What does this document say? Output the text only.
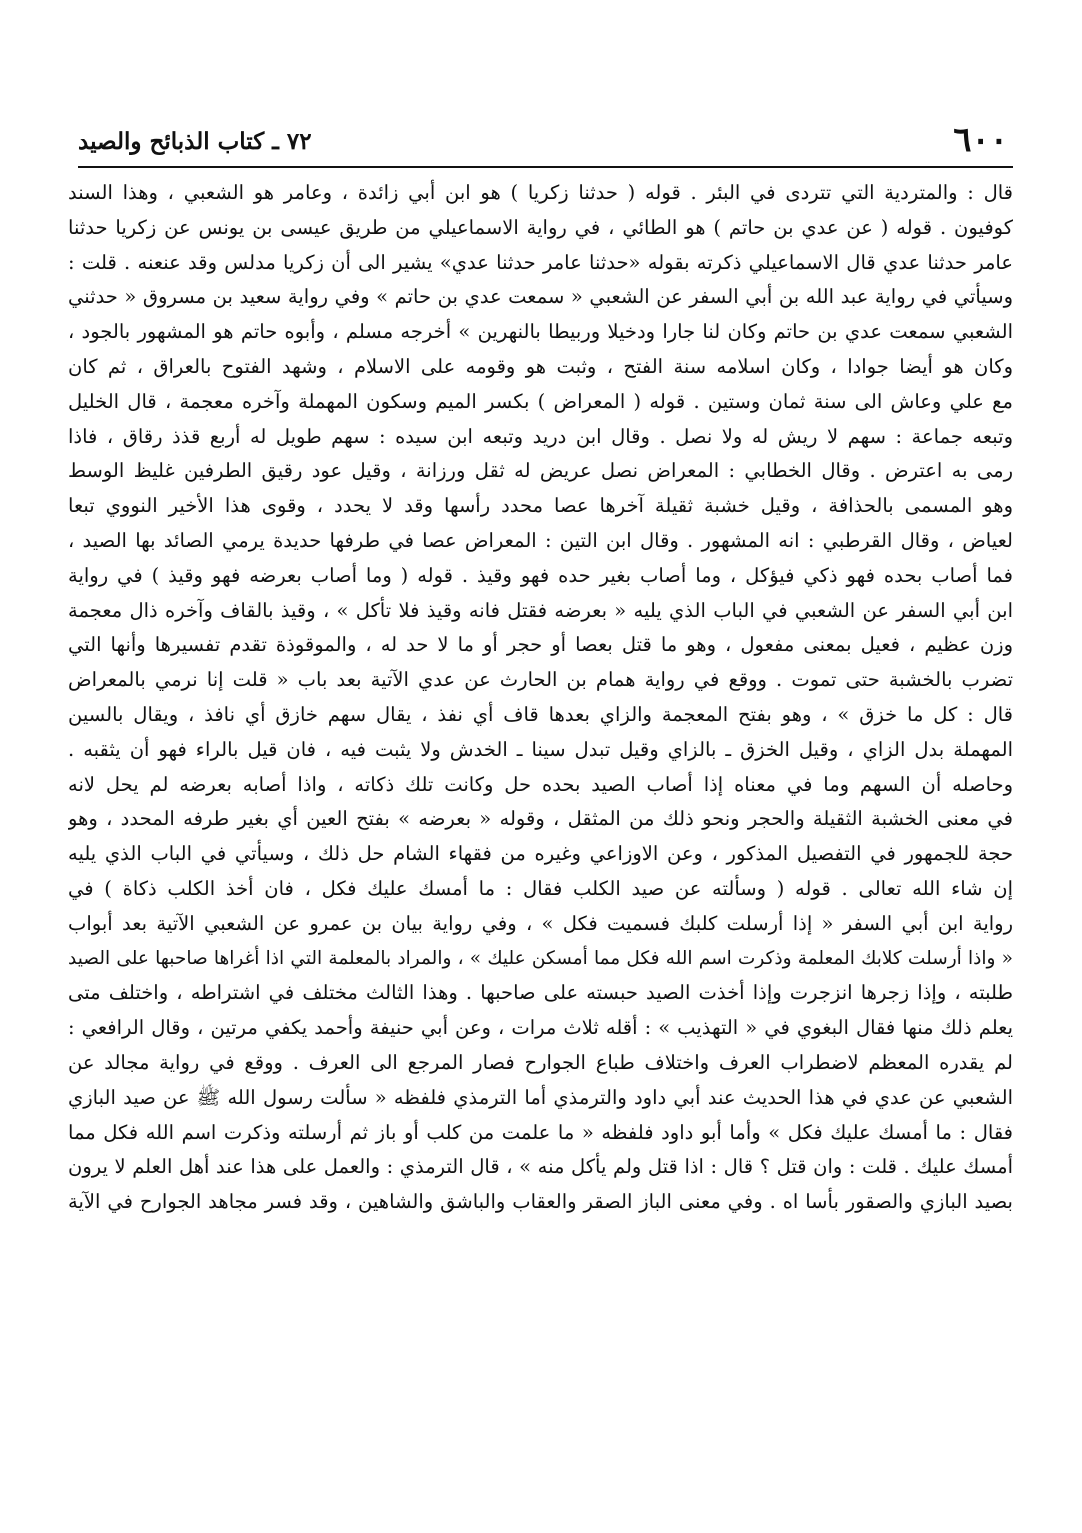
٦٠٠
٧٢ ـ كتاب الذبائح والصيد
قال : والمتردية التي تتردى في البئر . قوله ( حدثنا زكريا ) هو ابن أبي زائدة ، وعامر هو الشعبي ، وهذا السند
كوفيون . قوله ( عن عدي بن حاتم ) هو الطائي ، في رواية الاسماعيلي من طريق عيسى بن يونس عن زكريا حدثنا
عامر حدثنا عدي قال الاسماعيلي ذكرته بقوله «حدثنا عامر حدثنا عدي» يشير الى أن زكريا مدلس وقد عنعنه . قلت :
وسيأتي في رواية عبد الله بن أبي السفر عن الشعبي « سمعت عدي بن حاتم » وفي رواية سعيد بن مسروق « حدثني
الشعبي سمعت عدي بن حاتم وكان لنا جارا ودخيلا وربيطا بالنهرين » أخرجه مسلم ، وأبوه حاتم هو المشهور بالجود ،
وكان هو أيضا جوادا ، وكان اسلامه سنة الفتح ، وثبت هو وقومه على الاسلام ، وشهد الفتوح بالعراق ، ثم كان
مع علي وعاش الى سنة ثمان وستين . قوله ( المعراض ) بكسر الميم وسكون المهملة وآخره معجمة ، قال الخليل
وتبعه جماعة : سهم لا ريش له ولا نصل . وقال ابن دريد وتبعه ابن سيده : سهم طويل له أربع قذذ رقاق ، فاذا
رمى به اعترض . وقال الخطابي : المعراض نصل عريض له ثقل ورزانة ، وقيل عود رقيق الطرفين غليظ الوسط
وهو المسمى بالحذافة ، وقيل خشبة ثقيلة آخرها عصا محدد رأسها وقد لا يحدد ، وقوى هذا الأخير النووي تبعا
لعياض ، وقال القرطبي : انه المشهور . وقال ابن التين : المعراض عصا في طرفها حديدة يرمي الصائد بها الصيد ،
فما أصاب بحده فهو ذكي فيؤكل ، وما أصاب بغير حده فهو وقيذ . قوله ( وما أصاب بعرضه فهو وقيذ ) في رواية
ابن أبي السفر عن الشعبي في الباب الذي يليه « بعرضه فقتل فانه وقيذ فلا تأكل » ، وقيذ بالقاف وآخره ذال معجمة
وزن عظيم ، فعيل بمعنى مفعول ، وهو ما قتل بعصا أو حجر أو ما لا حد له ، والموقوذة تقدم تفسيرها وأنها التي
تضرب بالخشبة حتى تموت . ووقع في رواية همام بن الحارث عن عدي الآتية بعد باب « قلت إنا نرمي بالمعراض
قال : كل ما خزق » ، وهو بفتح المعجمة والزاي بعدها قاف أي نفذ ، يقال سهم خازق أي نافذ ، ويقال بالسين
المهملة بدل الزاي ، وقيل الخزق ـ بالزاي وقيل تبدل سينا ـ الخدش ولا يثبت فيه ، فان قيل بالراء فهو أن يثقبه .
وحاصله أن السهم وما في معناه إذا أصاب الصيد بحده حل وكانت تلك ذكاته ، واذا أصابه بعرضه لم يحل لانه
في معنى الخشبة الثقيلة والحجر ونحو ذلك من المثقل ، وقوله « بعرضه » بفتح العين أي بغير طرفه المحدد ، وهو
حجة للجمهور في التفصيل المذكور ، وعن الاوزاعي وغيره من فقهاء الشام حل ذلك ، وسيأتي في الباب الذي يليه
إن شاء الله تعالى . قوله ( وسألته عن صيد الكلب فقال : ما أمسك عليك فكل ، فان أخذ الكلب ذكاة ) في
رواية ابن أبي السفر « إذا أرسلت كلبك فسميت فكل » ، وفي رواية بيان بن عمرو عن الشعبي الآتية بعد أبواب
« واذا أرسلت كلابك المعلمة وذكرت اسم الله فكل مما أمسكن عليك » ، والمراد بالمعلمة التي اذا أغراها صاحبها على الصيد
طلبته ، وإذا زجرها انزجرت وإذا أخذت الصيد حبسته على صاحبها . وهذا الثالث مختلف في اشتراطه ، واختلف متى
يعلم ذلك منها فقال البغوي في « التهذيب » : أقله ثلاث مرات ، وعن أبي حنيفة وأحمد يكفي مرتين ، وقال الرافعي :
لم يقدره المعظم لاضطراب العرف واختلاف طباع الجوارح فصار المرجع الى العرف . ووقع في رواية مجالد عن
الشعبي عن عدي في هذا الحديث عند أبي داود والترمذي أما الترمذي فلفظه « سألت رسول الله ﷺ عن صيد البازي
فقال : ما أمسك عليك فكل » وأما أبو داود فلفظه « ما علمت من كلب أو باز ثم أرسلته وذكرت اسم الله فكل مما
أمسك عليك . قلت : وان قتل ؟ قال : اذا قتل ولم يأكل منه » ، قال الترمذي : والعمل على هذا عند أهل العلم لا يرون
بصيد البازي والصقور بأسا اه . وفي معنى الباز الصقر والعقاب والباشق والشاهين ، وقد فسر مجاهد الجوارح في الآية
